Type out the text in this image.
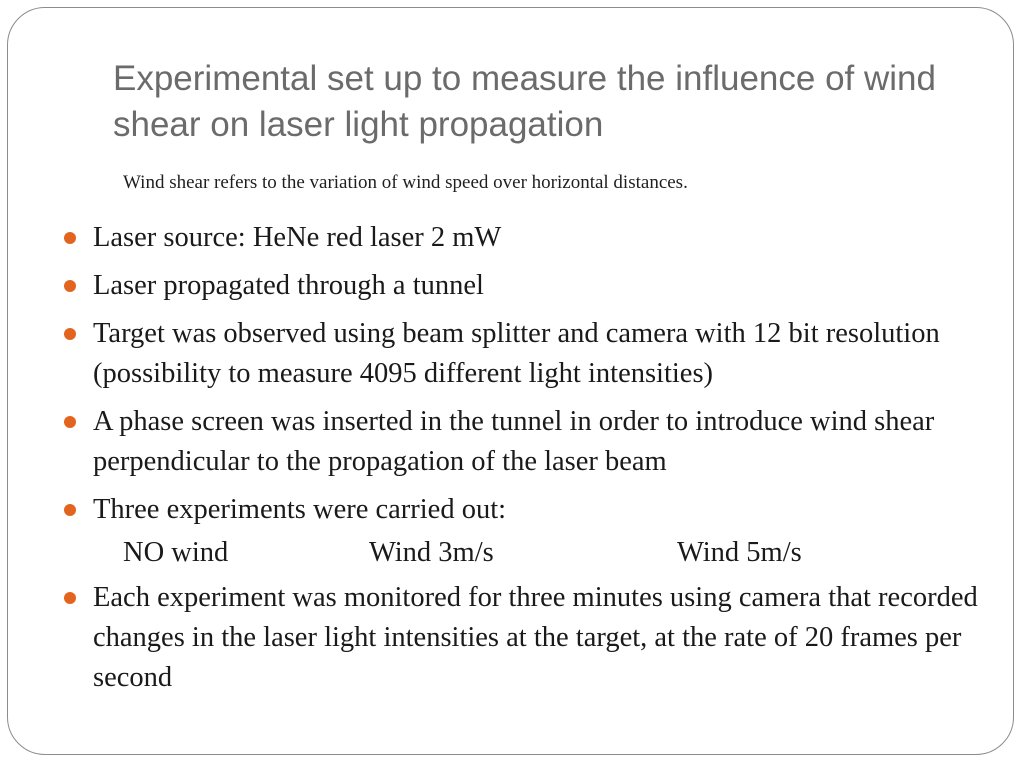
Experimental set up to measure the influence of wind shear on laser light propagation
Wind shear refers to the variation of wind speed over horizontal distances.
Laser source: HeNe red laser 2 mW
Laser propagated through a tunnel
Target was observed using beam splitter and camera with 12 bit resolution (possibility to measure 4095 different light intensities)
A phase screen was inserted in the tunnel in order to introduce wind shear perpendicular to the propagation of the laser beam
Three experiments were carried out:
NO wind	Wind 3m/s	Wind 5m/s
Each experiment was monitored for three minutes using camera that recorded changes in the laser light intensities at the target, at the rate of 20 frames per second
